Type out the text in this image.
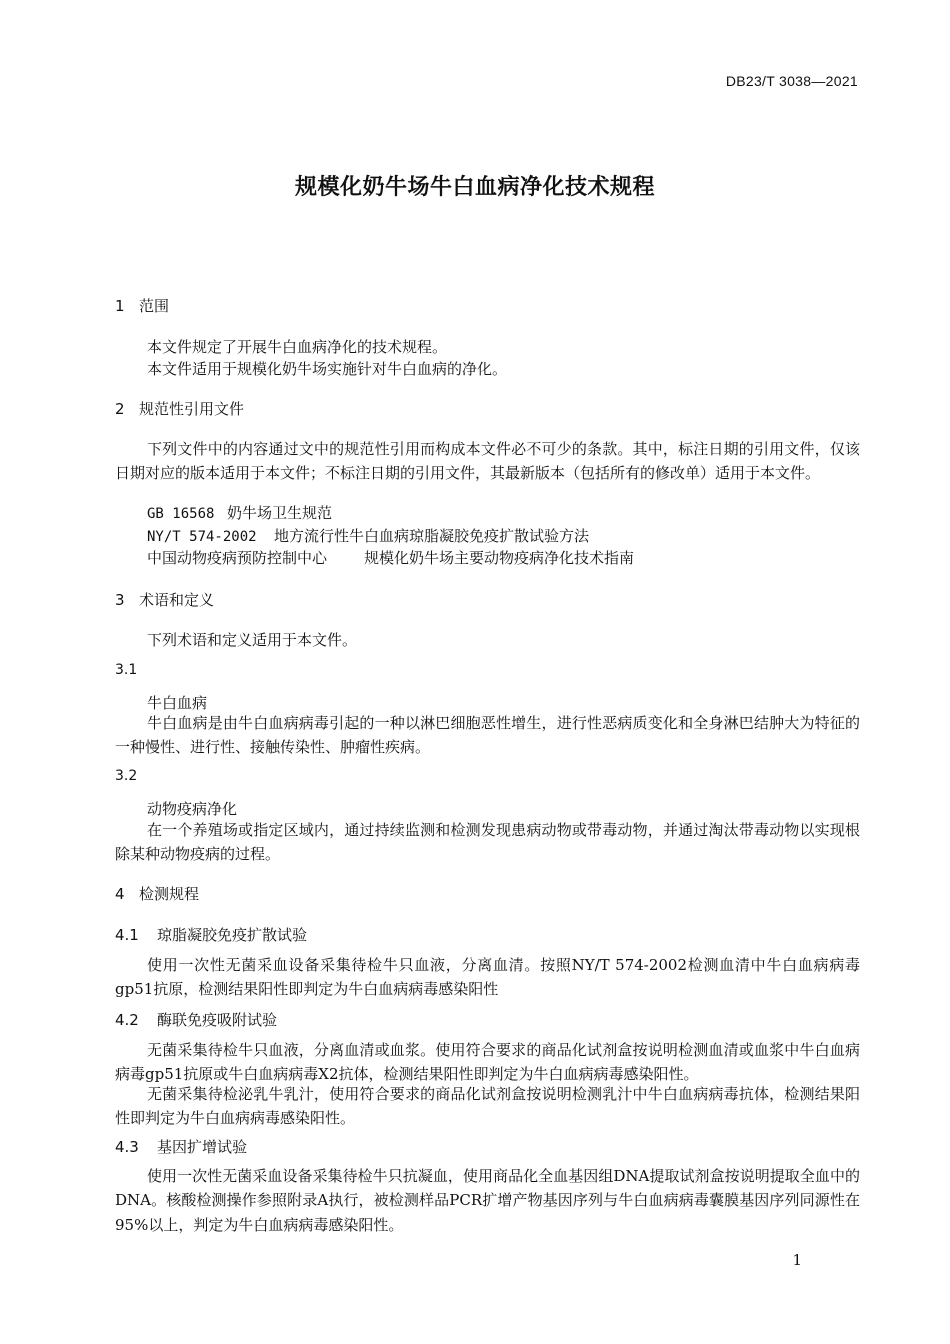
DB23/T 3038—2021
规模化奶牛场牛白血病净化技术规程
1 范围

本文件规定了开展牛白血病净化的技术规程。

本文件适用于规模化奶牛场实施针对牛白血病的净化。

2 规范性引用文件

下列文件中的内容通过文中的规范性引用而构成本文件必不可少的条款。其中，标注日期的引用文件，仅该日期对应的版本适用于本文件；不标注日期的引用文件，其最新版本（包括所有的修改单）适用于本文件。

GB 16568 奶牛场卫生规范
NY/T 574-2002 地方流行性牛白血病琼脂凝胶免疫扩散试验方法
中国动物疫病预防控制中心 规模化奶牛场主要动物疫病净化技术指南
3 术语和定义

下列术语和定义适用于本文件。

3.1
牛白血病

牛白血病是由牛白血病病毒引起的一种以淋巴细胞恶性增生，进行性恶病质变化和全身淋巴结肿大为特征的一种慢性、进行性、接触传染性、肿瘤性疾病。

3.2
动物疫病净化

在一个养殖场或指定区域内，通过持续监测和检测发现患病动物或带毒动物，并通过淘汰带毒动物以实现根除某种动物疫病的过程。

4 检测规程
4.1 琼脂凝胶免疫扩散试验

使用一次性无菌采血设备采集待检牛只血液，分离血清。按照NY/T 574-2002检测血清中牛白血病病毒gp51抗原，检测结果阳性即判定为牛白血病病毒感染阳性

4.2 酶联免疫吸附试验

无菌采集待检牛只血液，分离血清或血浆。使用符合要求的商品化试剂盒按说明检测血清或血浆中牛白血病病毒gp51抗原或牛白血病病毒X2抗体，检测结果阳性即判定为牛白血病病毒感染阳性。

无菌采集待检泌乳牛乳汁，使用符合要求的商品化试剂盒按说明检测乳汁中牛白血病病毒抗体，检测结果阳性即判定为牛白血病病毒感染阳性。

4.3 基因扩增试验

使用一次性无菌采血设备采集待检牛只抗凝血，使用商品化全血基因组DNA提取试剂盒按说明提取全血中的DNA。核酸检测操作参照附录A执行，被检测样品PCR扩增产物基因序列与牛白血病病毒囊膜基因序列同源性在95%以上，判定为牛白血病病毒感染阳性。

1
